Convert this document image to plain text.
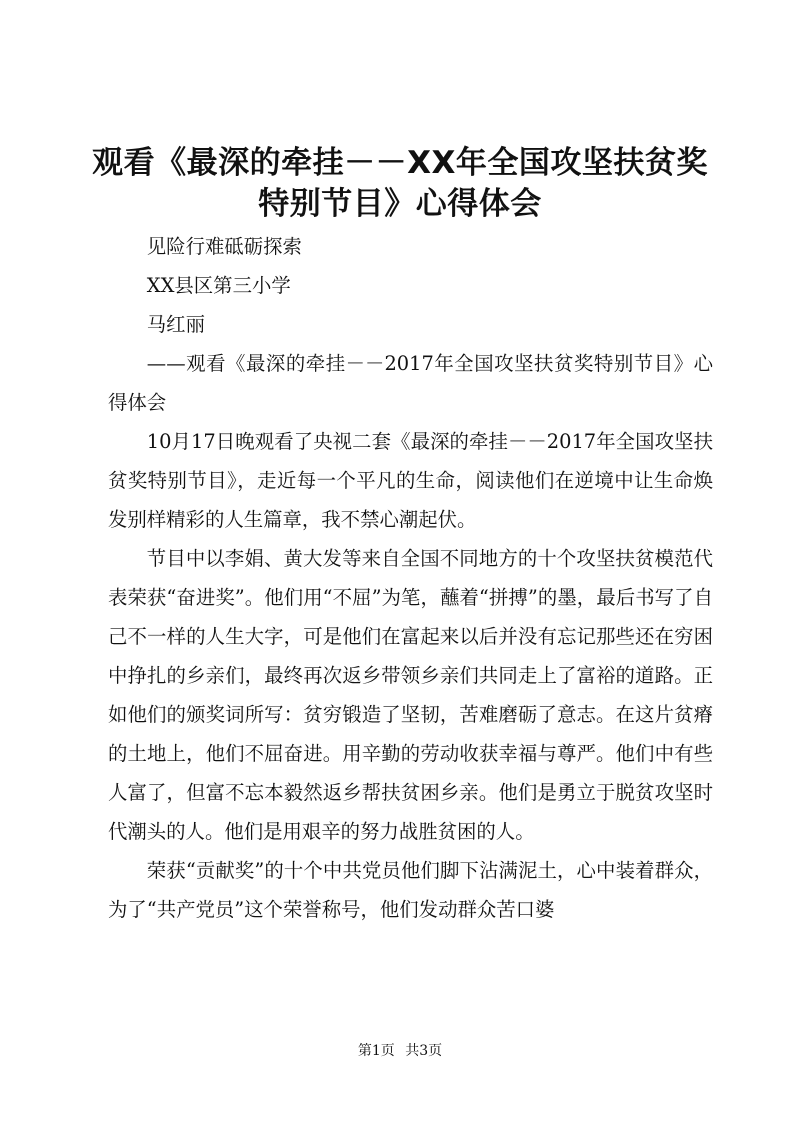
观看《最深的牵挂－－XX年全国攻坚扶贫奖
特别节目》心得体会

见险行难砥砺探索

XX县区第三小学

马红丽

——观看《最深的牵挂－－2017年全国攻坚扶贫奖特别节目》心得体会

10月17日晚观看了央视二套《最深的牵挂－－2017年全国攻坚扶贫奖特别节目》，走近每一个平凡的生命，阅读他们在逆境中让生命焕发别样精彩的人生篇章，我不禁心潮起伏。

节目中以李娟、黄大发等来自全国不同地方的十个攻坚扶贫模范代表荣获“奋进奖”。他们用“不屈”为笔，蘸着“拼搏”的墨，最后书写了自己不一样的人生大字，可是他们在富起来以后并没有忘记那些还在穷困中挣扎的乡亲们，最终再次返乡带领乡亲们共同走上了富裕的道路。正如他们的颁奖词所写：贫穷锻造了坚韧，苦难磨砺了意志。在这片贫瘠的土地上，他们不屈奋进。用辛勤的劳动收获幸福与尊严。他们中有些人富了，但富不忘本毅然返乡帮扶贫困乡亲。他们是勇立于脱贫攻坚时代潮头的人。他们是用艰辛的努力战胜贫困的人。

荣获“贡献奖”的十个中共党员他们脚下沾满泥土，心中装着群众，为了“共产党员”这个荣誉称号，他们发动群众苦口婆

第1页 共3页
